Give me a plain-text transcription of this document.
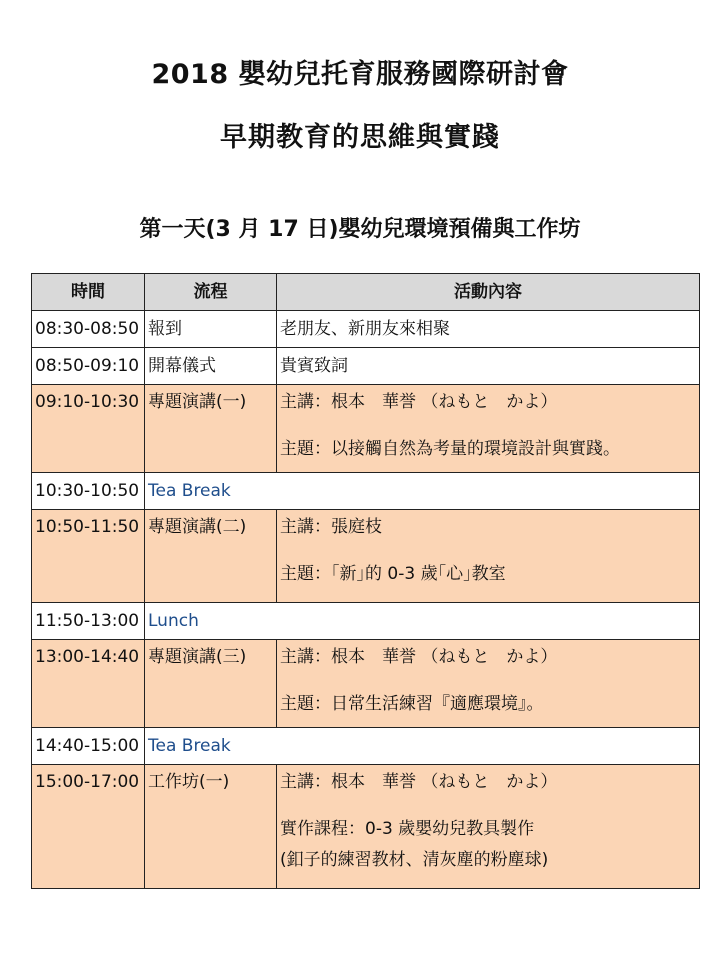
2018 嬰幼兒托育服務國際研討會
早期教育的思維與實踐
第一天(3 月 17 日)嬰幼兒環境預備與工作坊
時間	流程	活動內容
08:30-08:50	報到	老朋友、新朋友來相聚
08:50-09:10	開幕儀式	貴賓致詞

09:10-10:30	專題演講(一)	主講：根本　華誉 （ねもと　かよ）
主題：以接觸自然為考量的環境設計與實踐。

10:30-10:50	Tea Break	

10:50-11:50	專題演講(二)	主講：張庭枝
主題：｢新｣的 0-3 歲｢心｣教室

11:50-13:00	Lunch	

13:00-14:40	專題演講(三)	主講：根本　華誉 （ねもと　かよ）
主題：日常生活練習『適應環境』。

14:40-15:00	Tea Break	

15:00-17:00	工作坊(一)	主講：根本　華誉 （ねもと　かよ）
實作課程：0-3 歲嬰幼兒教具製作
(釦子的練習教材、清灰塵的粉塵球)
